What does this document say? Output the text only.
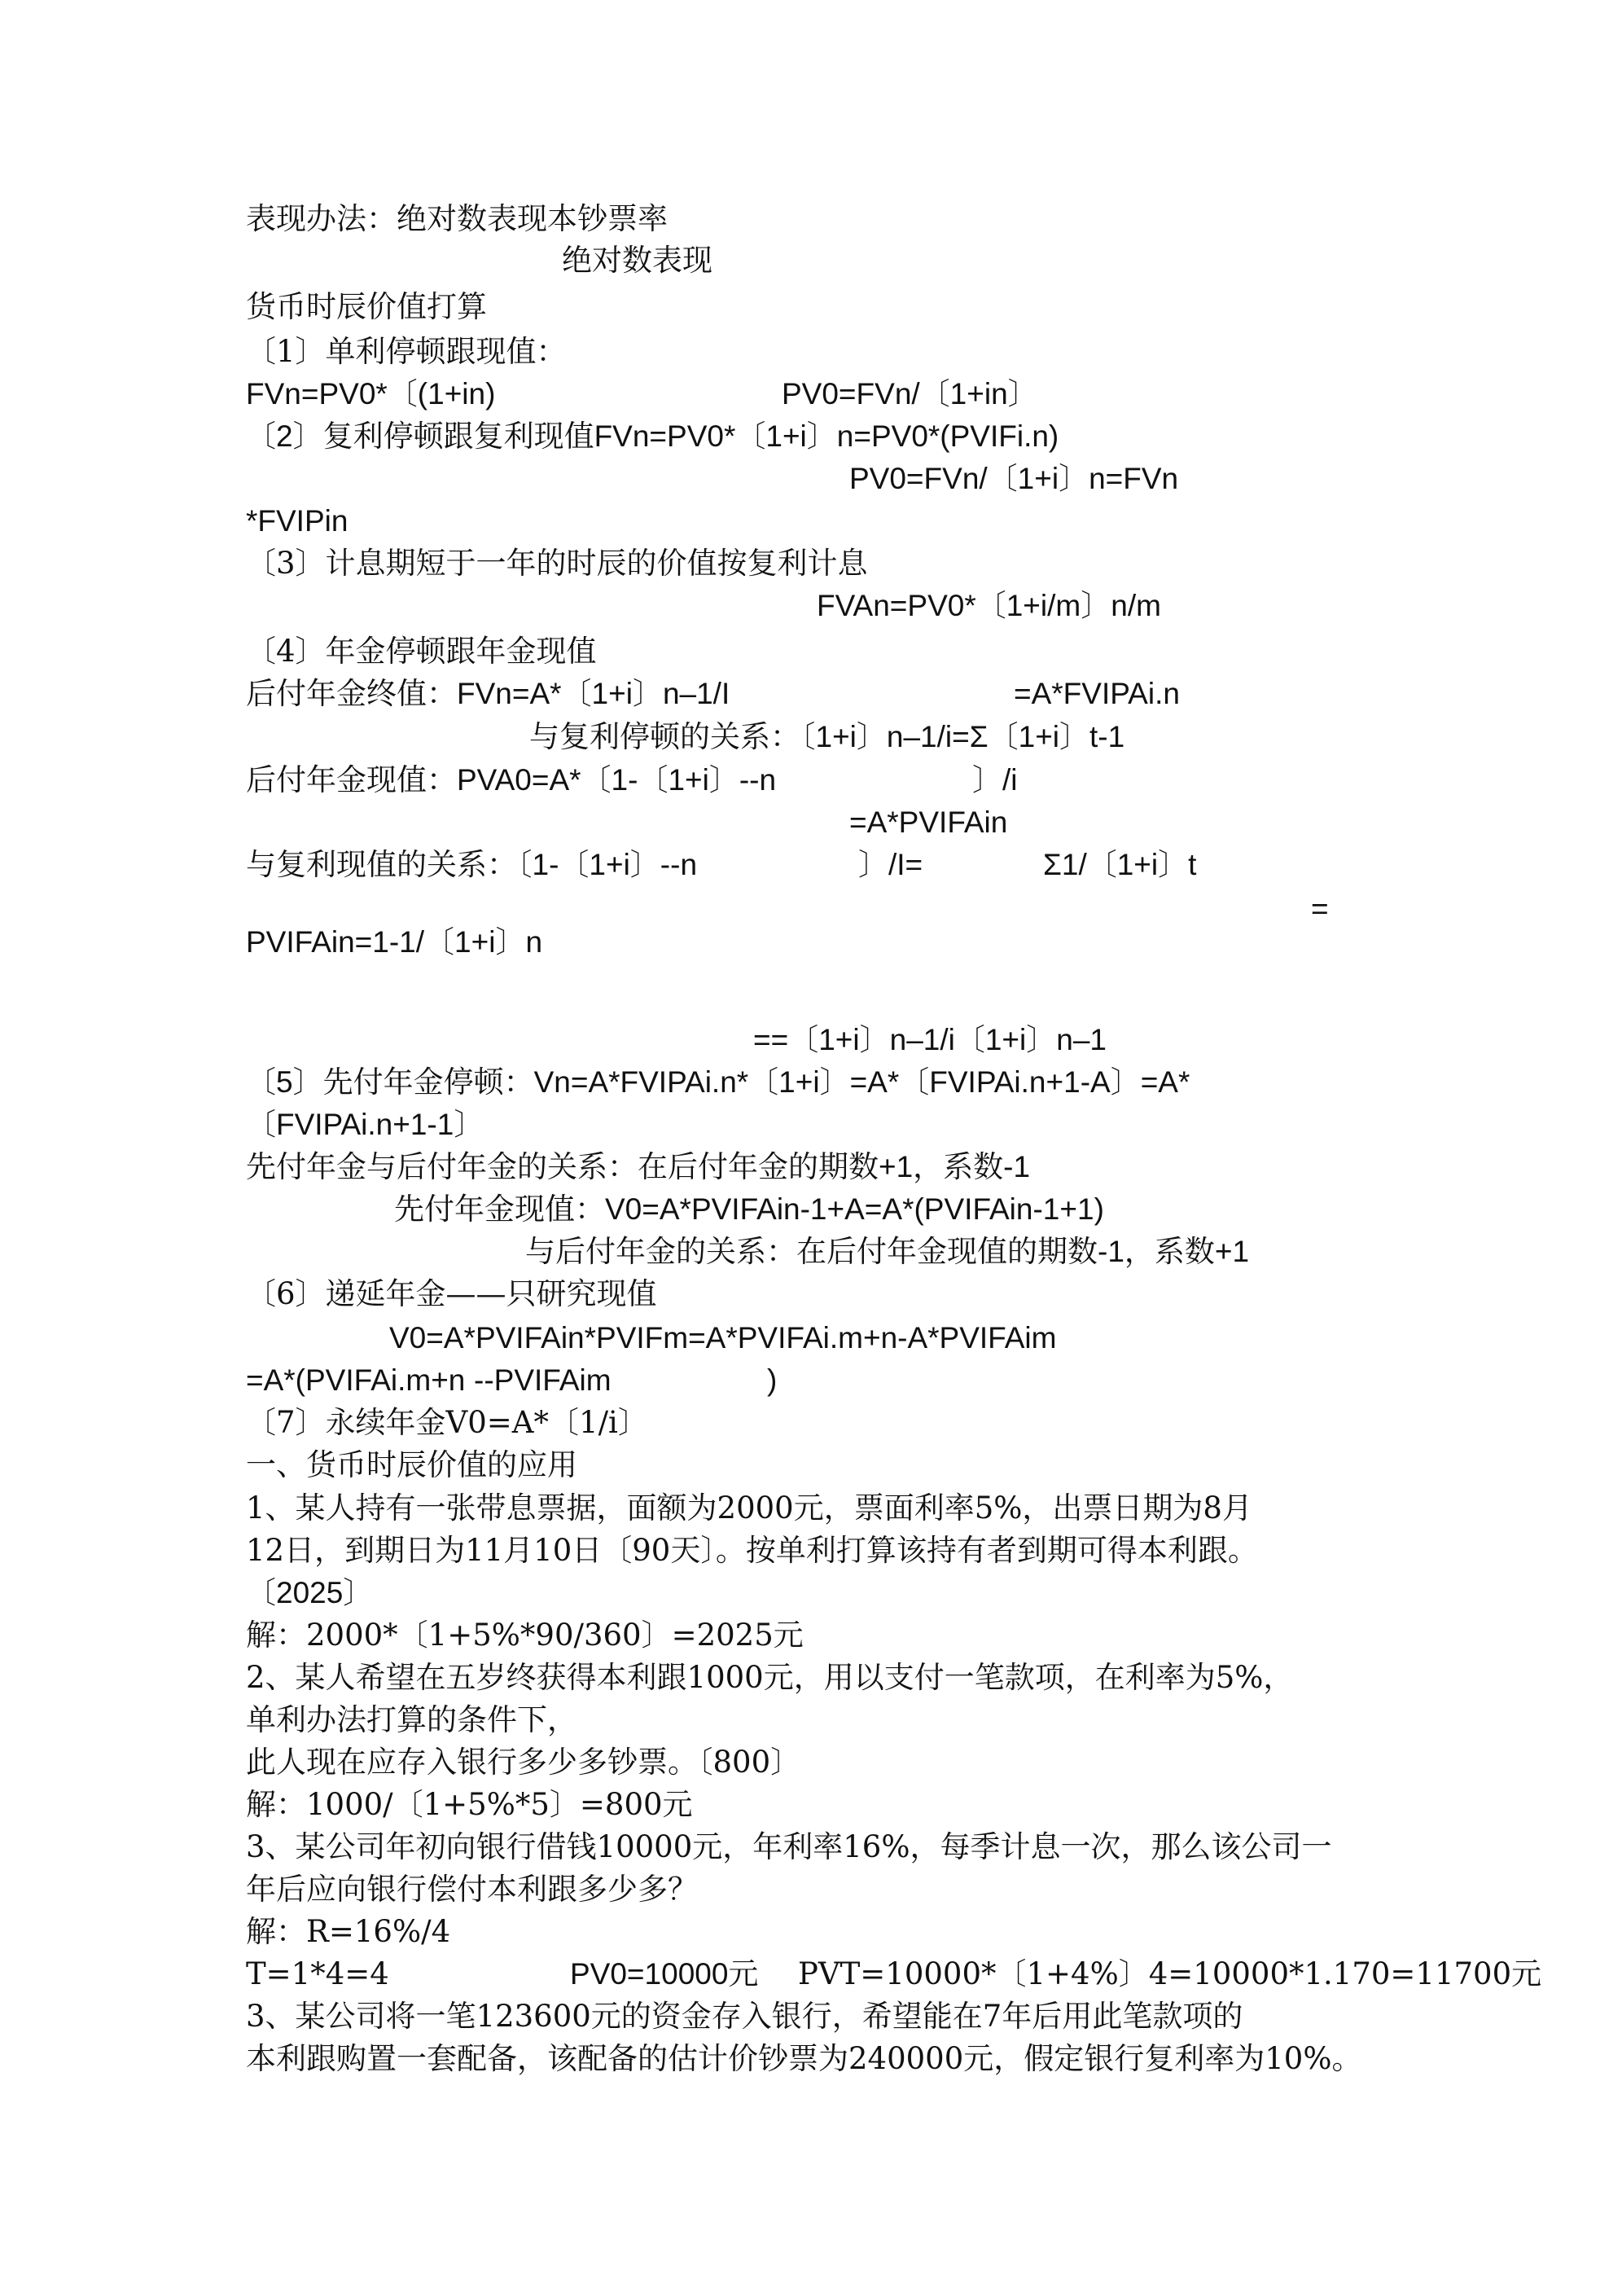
表现办法：绝对数表现本钞票率
绝对数表现
货币时辰价值打算
〔1〕单利停顿跟现值：
FVn=PV0*〔(1+in)	PV0=FVn/〔1+in〕
〔2〕复利停顿跟复利现值FVn=PV0*〔1+i〕n=PV0*(PVIFi.n)
PV0=FVn/〔1+i〕n=FVn
*FVIPin
〔3〕计息期短于一年的时辰的价值按复利计息
FVAn=PV0*〔1+i/m〕n/m
〔4〕年金停顿跟年金现值
后付年金终值：FVn=A*〔1+i〕n–1/I	=A*FVIPAi.n
与复利停顿的关系：〔1+i〕n–1/i=Σ〔1+i〕t-1
后付年金现值：PVA0=A*〔1-〔1+i〕--n	〕/i
=A*PVIFAin
与复利现值的关系：〔1-〔1+i〕--n	〕/I=	Σ1/〔1+i〕t
=
PVIFAin=1-1/〔1+i〕n
==〔1+i〕n–1/i〔1+i〕n–1
〔5〕先付年金停顿：Vn=A*FVIPAi.n*〔1+i〕=A*〔FVIPAi.n+1-A〕=A*
〔FVIPAi.n+1-1〕
先付年金与后付年金的关系：在后付年金的期数+1，系数-1
先付年金现值：V0=A*PVIFAin-1+A=A*(PVIFAin-1+1)
与后付年金的关系：在后付年金现值的期数-1，系数+1
〔6〕递延年金——只研究现值
V0=A*PVIFAin*PVIFm=A*PVIFAi.m+n-A*PVIFAim
=A*(PVIFAi.m+n --PVIFAim	)
〔7〕永续年金V0=A*〔1/i〕
一、货币时辰价值的应用
1、某人持有一张带息票据，面额为2000元，票面利率5%，出票日期为8月
12日，到期日为11月10日〔90天〕。按单利打算该持有者到期可得本利跟。
〔2025〕
解：2000*〔1+5%*90/360〕=2025元
2、某人希望在五岁终获得本利跟1000元，用以支付一笔款项，在利率为5%，
单利办法打算的条件下，
此人现在应存入银行多少多钞票。〔800〕
解：1000/〔1+5%*5〕=800元
3、某公司年初向银行借钱10000元，年利率16%，每季计息一次，那么该公司一
年后应向银行偿付本利跟多少多？
解：R=16%/4
T=1*4=4	PV0=10000元 PVT=10000*〔1+4%〕4=10000*1.170=11700元
3、某公司将一笔123600元的资金存入银行，希望能在7年后用此笔款项的
本利跟购置一套配备，该配备的估计价钞票为240000元，假定银行复利率为10%。
